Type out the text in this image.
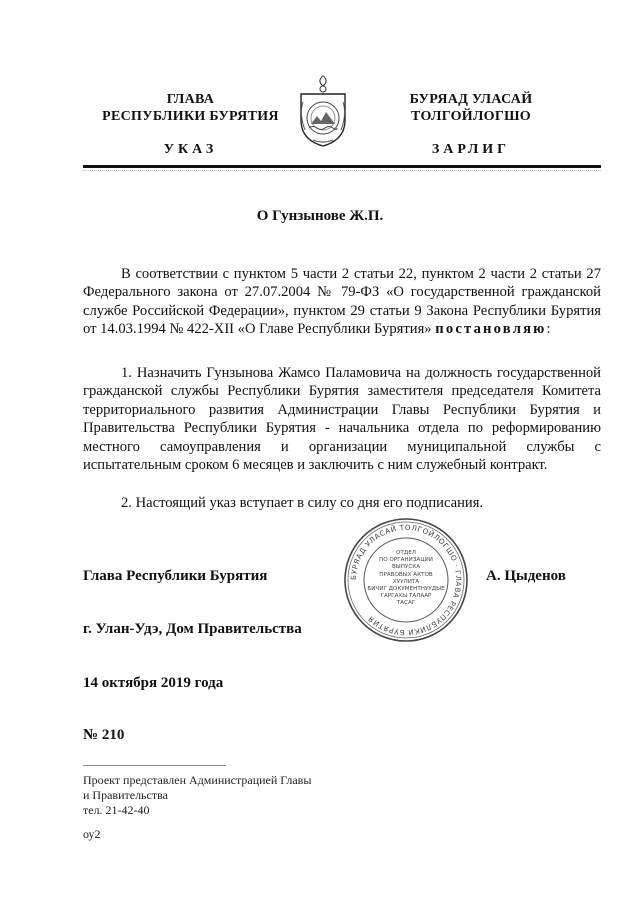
ГЛАВА
РЕСПУБЛИКИ БУРЯТИЯ
УКАЗ
БУРЯАД УЛАСАЙ
ТОЛГОЙЛОГШО
ЗАРЛИГ
О Гунзынове Ж.П.
В соответствии с пунктом 5 части 2 статьи 22, пунктом 2 части 2 статьи 27 Федерального закона от 27.07.2004 № 79-ФЗ «О государственной гражданской службе Российской Федерации», пунктом 29 статьи 9 Закона Республики Бурятия от 14.03.1994 № 422-XII «О Главе Республики Бурятия» постановляю:
1. Назначить Гунзынова Жамсо Паламовича на должность государственной гражданской службы Республики Бурятия заместителя председателя Комитета территориального развития Администрации Главы Республики Бурятия и Правительства Республики Бурятия - начальника отдела по реформированию местного самоуправления и организации муниципальной службы с испытательным сроком 6 месяцев и заключить с ним служебный контракт.
2. Настоящий указ вступает в силу со дня его подписания.
БУРЯАД УЛАСАЙ ТОЛГОЙЛОГШО · ГЛАВА РЕСПУБЛИКИ БУРЯТИЯ
ОТДЕЛ
ПО ОРГАНИЗАЦИИ
ВЫПУСКА
ПРАВОВЫХ АКТОВ
ХУУЛИТА
БИЧИГ ДОКУМЕНТНУУДЫЕ
ГАРГАХЫ ТАЛААР
ТАСАГ
Глава Республики Бурятия	А. Цыденов
г. Улан-Удэ, Дом Правительства
14 октября 2019 года
№ 210
Проект представлен Администрацией Главы
и Правительства
тел. 21-42-40
оу2
